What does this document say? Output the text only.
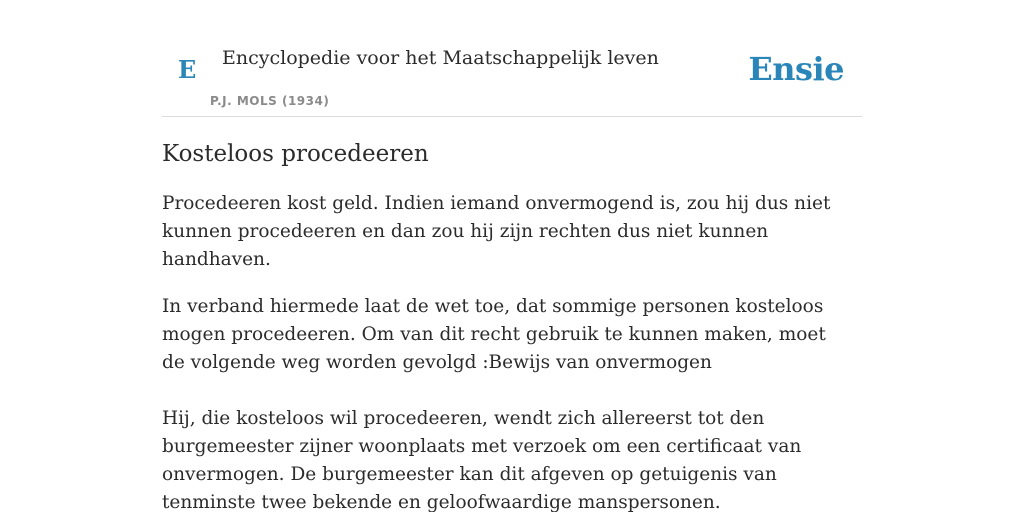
E Encyclopedie voor het Maatschappelijk leven
P.J. MOLS (1934)
Ensie
Kosteloos procedeeren

Procedeeren kost geld. Indien iemand onvermogend is, zou hij dus niet kunnen procedeeren en dan zou hij zijn rechten dus niet kunnen handhaven.

In verband hiermede laat de wet toe, dat sommige personen kosteloos mogen procedeeren. Om van dit recht gebruik te kunnen maken, moet de volgende weg worden gevolgd :Bewijs van onvermogen

Hij, die kosteloos wil procedeeren, wendt zich allereerst tot den burgemeester zijner woonplaats met verzoek om een certificaat van onvermogen. De burgemeester kan dit afgeven op getuigenis van tenminste twee bekende en geloofwaardige manspersonen.
